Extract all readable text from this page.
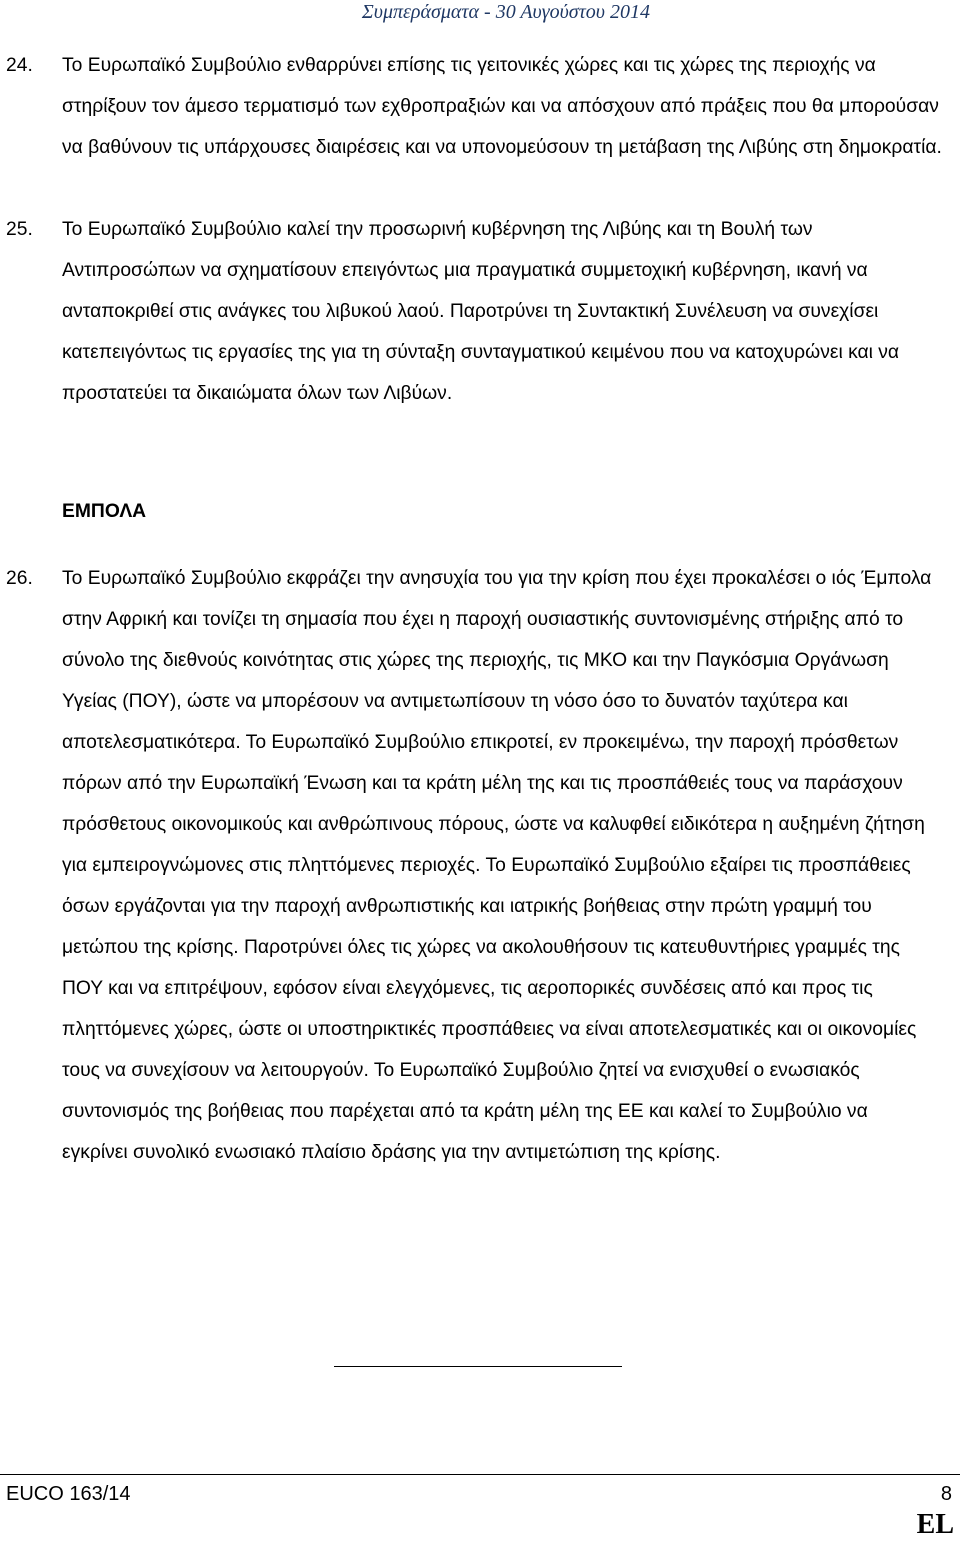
Συμπεράσματα - 30 Αυγούστου 2014
24. Το Ευρωπαϊκό Συμβούλιο ενθαρρύνει επίσης τις γειτονικές χώρες και τις χώρες της περιοχής να στηρίξουν τον άμεσο τερματισμό των εχθροπραξιών και να απόσχουν από πράξεις που θα μπορούσαν να βαθύνουν τις υπάρχουσες διαιρέσεις και να υπονομεύσουν τη μετάβαση της Λιβύης στη δημοκρατία.
25. Το Ευρωπαϊκό Συμβούλιο καλεί την προσωρινή κυβέρνηση της Λιβύης και τη Βουλή των Αντιπροσώπων να σχηματίσουν επειγόντως μια πραγματικά συμμετοχική κυβέρνηση, ικανή να ανταποκριθεί στις ανάγκες του λιβυκού λαού. Παροτρύνει τη Συντακτική Συνέλευση να συνεχίσει κατεπειγόντως τις εργασίες της για τη σύνταξη συνταγματικού κειμένου που να κατοχυρώνει και να προστατεύει τα δικαιώματα όλων των Λιβύων.
ΕΜΠΟΛΑ
26. Το Ευρωπαϊκό Συμβούλιο εκφράζει την ανησυχία του για την κρίση που έχει προκαλέσει ο ιός Έμπολα στην Αφρική και τονίζει τη σημασία που έχει η παροχή ουσιαστικής συντονισμένης στήριξης από το σύνολο της διεθνούς κοινότητας στις χώρες της περιοχής, τις ΜΚΟ και την Παγκόσμια Οργάνωση Υγείας (ΠΟΥ), ώστε να μπορέσουν να αντιμετωπίσουν τη νόσο όσο το δυνατόν ταχύτερα και αποτελεσματικότερα. Το Ευρωπαϊκό Συμβούλιο επικροτεί, εν προκειμένω, την παροχή πρόσθετων πόρων από την Ευρωπαϊκή Ένωση και τα κράτη μέλη της και τις προσπάθειές τους να παράσχουν πρόσθετους οικονομικούς και ανθρώπινους πόρους, ώστε να καλυφθεί ειδικότερα η αυξημένη ζήτηση για εμπειρογνώμονες στις πληττόμενες περιοχές. Το Ευρωπαϊκό Συμβούλιο εξαίρει τις προσπάθειες όσων εργάζονται για την παροχή ανθρωπιστικής και ιατρικής βοήθειας στην πρώτη γραμμή του μετώπου της κρίσης. Παροτρύνει όλες τις χώρες να ακολουθήσουν τις κατευθυντήριες γραμμές της ΠΟΥ και να επιτρέψουν, εφόσον είναι ελεγχόμενες, τις αεροπορικές συνδέσεις από και προς τις πληττόμενες χώρες, ώστε οι υποστηρικτικές προσπάθειες να είναι αποτελεσματικές και οι οικονομίες τους να συνεχίσουν να λειτουργούν. Το Ευρωπαϊκό Συμβούλιο ζητεί να ενισχυθεί ο ενωσιακός συντονισμός της βοήθειας που παρέχεται από τα κράτη μέλη της ΕΕ και καλεί το Συμβούλιο να εγκρίνει συνολικό ενωσιακό πλαίσιο δράσης για την αντιμετώπιση της κρίσης.
EUCO 163/14	8
EL
